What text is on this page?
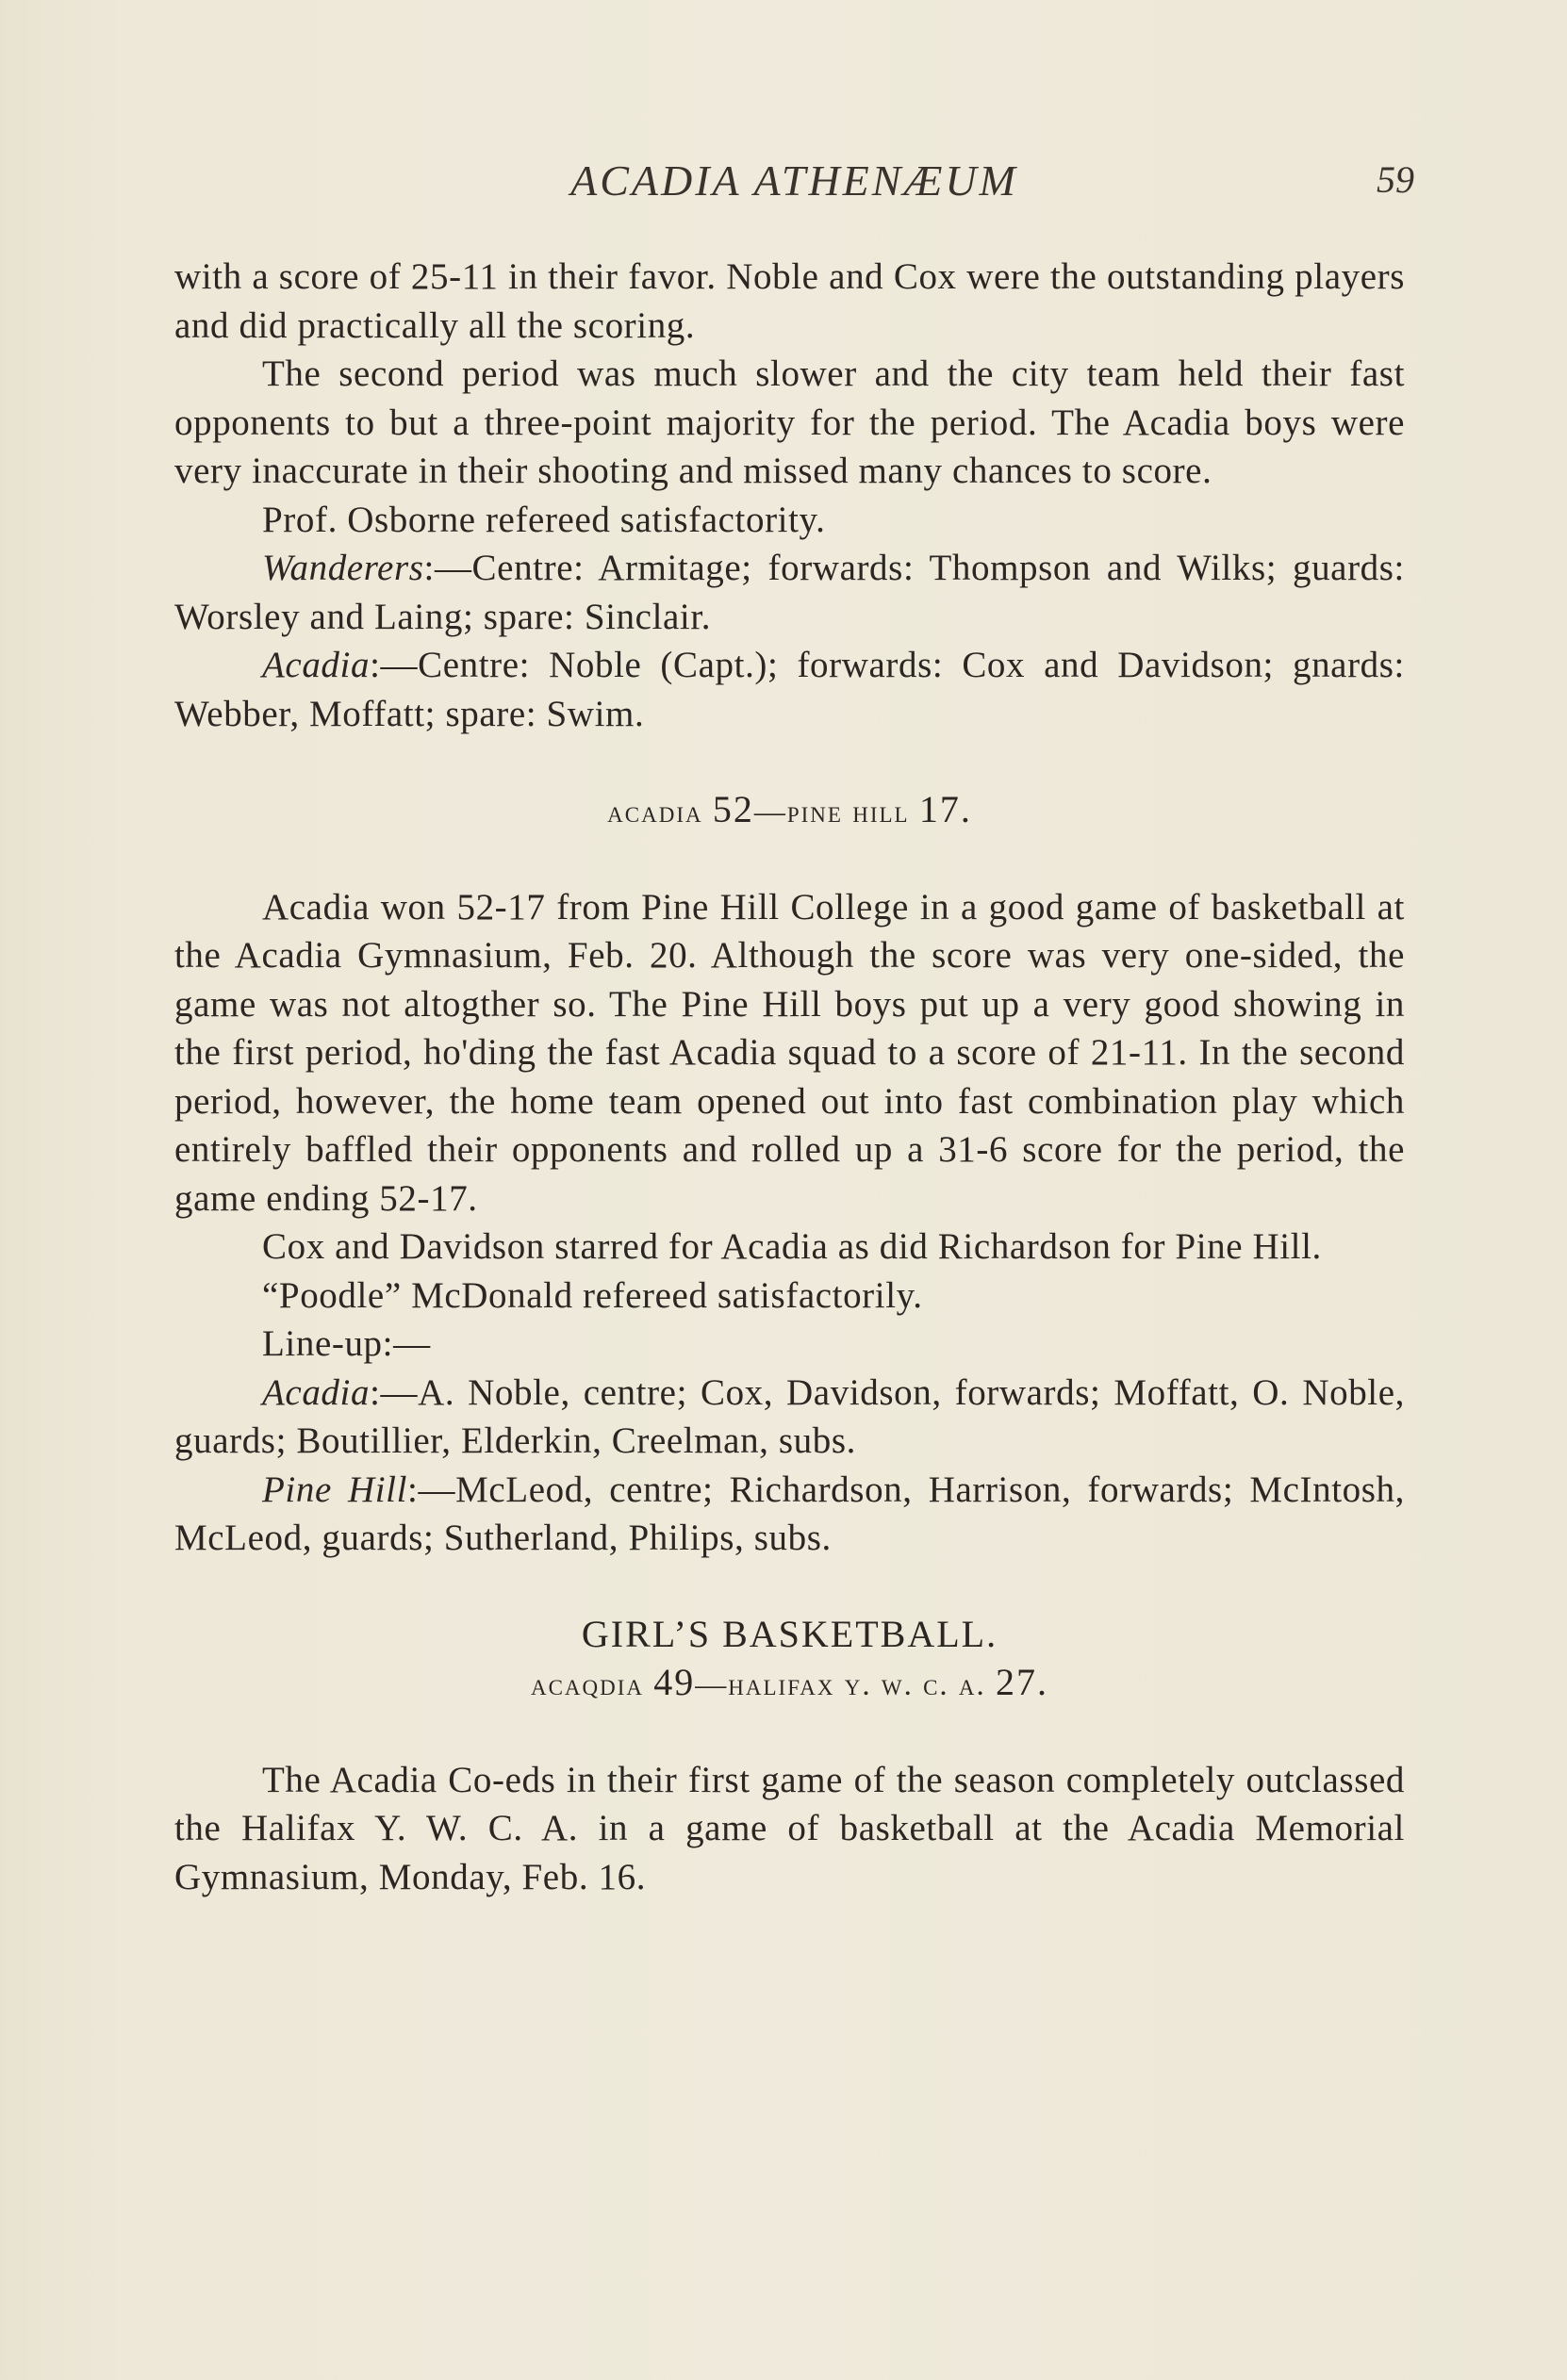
ACADIA ATHENÆUM	59

with a score of 25-11 in their favor. Noble and Cox were the outstanding players and did practically all the scoring.

The second period was much slower and the city team held their fast opponents to but a three-point majority for the period. The Acadia boys were very inaccurate in their shooting and missed many chances to score.

Prof. Osborne refereed satisfactority.

Wanderers:—Centre: Armitage; forwards: Thompson and Wilks; guards: Worsley and Laing; spare: Sinclair.

Acadia:—Centre: Noble (Capt.); forwards: Cox and Davidson; gnards: Webber, Moffatt; spare: Swim.

acadia 52—pine hill 17.

Acadia won 52-17 from Pine Hill College in a good game of basketball at the Acadia Gymnasium, Feb. 20. Although the score was very one-sided, the game was not altogther so. The Pine Hill boys put up a very good showing in the first period, ho'ding the fast Acadia squad to a score of 21-11. In the second period, however, the home team opened out into fast combination play which entirely baffled their opponents and rolled up a 31-6 score for the period, the game ending 52-17.

Cox and Davidson starred for Acadia as did Richardson for Pine Hill.

“Poodle” McDonald refereed satisfactorily.

Line-up:—

Acadia:—A. Noble, centre; Cox, Davidson, forwards; Moffatt, O. Noble, guards; Boutillier, Elderkin, Creelman, subs.

Pine Hill:—McLeod, centre; Richardson, Harrison, forwards; McIntosh, McLeod, guards; Sutherland, Philips, subs.

GIRL’S BASKETBALL.

acaqdia 49—halifax y. w. c. a. 27.

The Acadia Co-eds in their first game of the season completely outclassed the Halifax Y. W. C. A. in a game of basketball at the Acadia Memorial Gymnasium, Monday, Feb. 16.
